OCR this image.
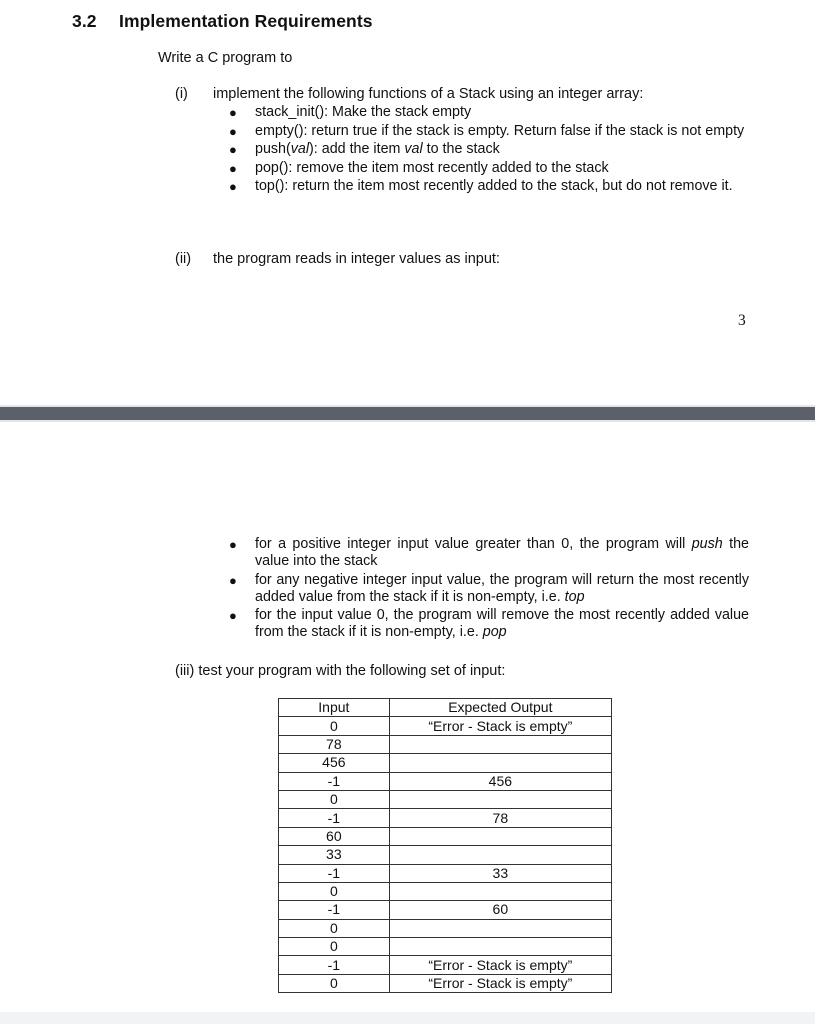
3.2 Implementation Requirements
Write a C program to
(i) implement the following functions of a Stack using an integer array:
● stack_init(): Make the stack empty
● empty(): return true if the stack is empty. Return false if the stack is not empty
● push(val): add the item val to the stack
● pop(): remove the item most recently added to the stack
● top(): return the item most recently added to the stack, but do not remove it.
(ii) the program reads in integer values as input:
3
● for a positive integer input value greater than 0, the program will push the value into the stack
● for any negative integer input value, the program will return the most recently added value from the stack if it is non-empty, i.e. top
● for the input value 0, the program will remove the most recently added value from the stack if it is non-empty, i.e. pop
(iii) test your program with the following set of input:
Input	Expected Output
0	“Error - Stack is empty”
78	
456	
-1	456
0	
-1	78
60	
33	
-1	33
0	
-1	60
0	
0	
-1	“Error - Stack is empty”
0	“Error - Stack is empty”
